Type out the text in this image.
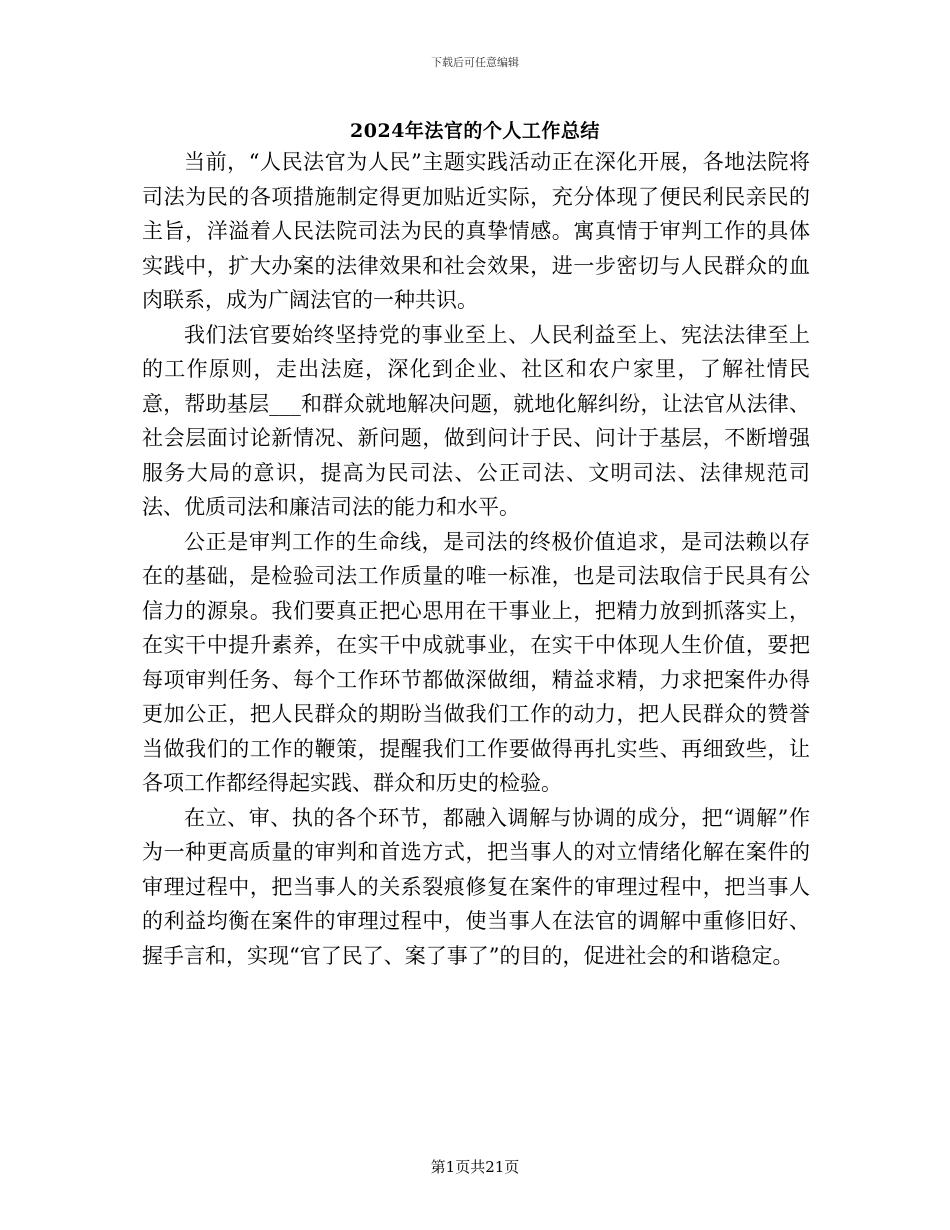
下载后可任意编辑
2024年法官的个人工作总结

当前，“人民法官为人民”主题实践活动正在深化开展，各地法院将司法为民的各项措施制定得更加贴近实际，充分体现了便民利民亲民的主旨，洋溢着人民法院司法为民的真挚情感。寓真情于审判工作的具体实践中，扩大办案的法律效果和社会效果，进一步密切与人民群众的血肉联系，成为广阔法官的一种共识。

我们法官要始终坚持党的事业至上、人民利益至上、宪法法律至上的工作原则，走出法庭，深化到企业、社区和农户家里，了解社情民意，帮助基层___和群众就地解决问题，就地化解纠纷，让法官从法律、社会层面讨论新情况、新问题，做到问计于民、问计于基层，不断增强服务大局的意识，提高为民司法、公正司法、文明司法、法律规范司法、优质司法和廉洁司法的能力和水平。

公正是审判工作的生命线，是司法的终极价值追求，是司法赖以存在的基础，是检验司法工作质量的唯一标准，也是司法取信于民具有公信力的源泉。我们要真正把心思用在干事业上，把精力放到抓落实上，在实干中提升素养，在实干中成就事业，在实干中体现人生价值，要把每项审判任务、每个工作环节都做深做细，精益求精，力求把案件办得更加公正，把人民群众的期盼当做我们工作的动力，把人民群众的赞誉当做我们的工作的鞭策，提醒我们工作要做得再扎实些、再细致些，让各项工作都经得起实践、群众和历史的检验。

在立、审、执的各个环节，都融入调解与协调的成分，把“调解”作为一种更高质量的审判和首选方式，把当事人的对立情绪化解在案件的审理过程中，把当事人的关系裂痕修复在案件的审理过程中，把当事人的利益均衡在案件的审理过程中，使当事人在法官的调解中重修旧好、握手言和，实现“官了民了、案了事了”的目的，促进社会的和谐稳定。

第1页共21页
